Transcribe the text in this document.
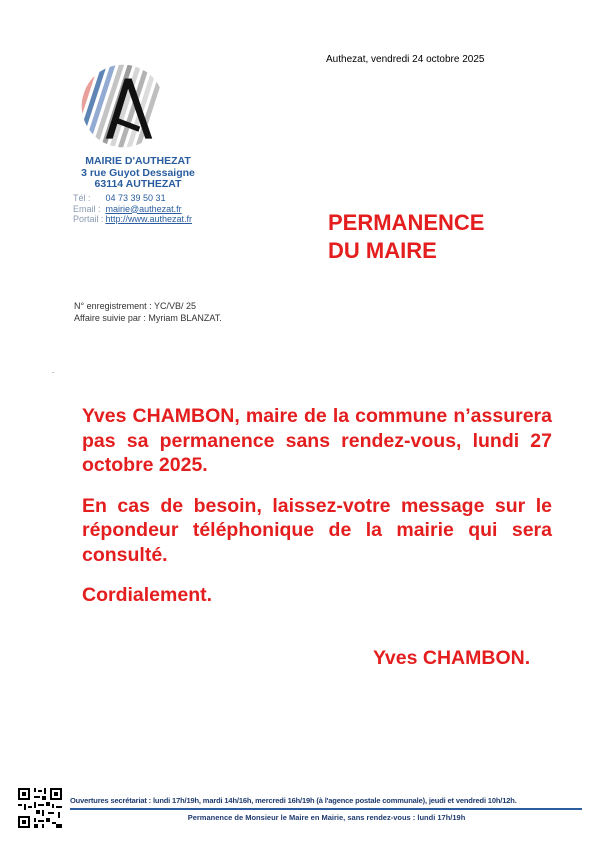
Authezat, vendredi 24 octobre 2025
MAIRIE D'AUTHEZAT
3 rue Guyot Dessaigne
63114 AUTHEZAT
Tél : 04 73 39 50 31
Email : mairie@authezat.fr
Portail : http://www.authezat.fr	PERMANENCE
DU MAIRE
N° enregistrement : YC/VB/ 25
Affaire suivie par : Myriam BLANZAT.
.

Yves CHAMBON, maire de la commune n’assurera pas sa permanence sans rendez-vous, lundi 27 octobre 2025.

En cas de besoin, laissez-votre message sur le répondeur téléphonique de la mairie qui sera consulté.

Cordialement.

Yves CHAMBON.
Ouvertures secrétariat : lundi 17h/19h, mardi 14h/16h, mercredi 16h/19h (à l'agence postale communale), jeudi et vendredi 10h/12h.
Permanence de Monsieur le Maire en Mairie, sans rendez-vous : lundi 17h/19h
